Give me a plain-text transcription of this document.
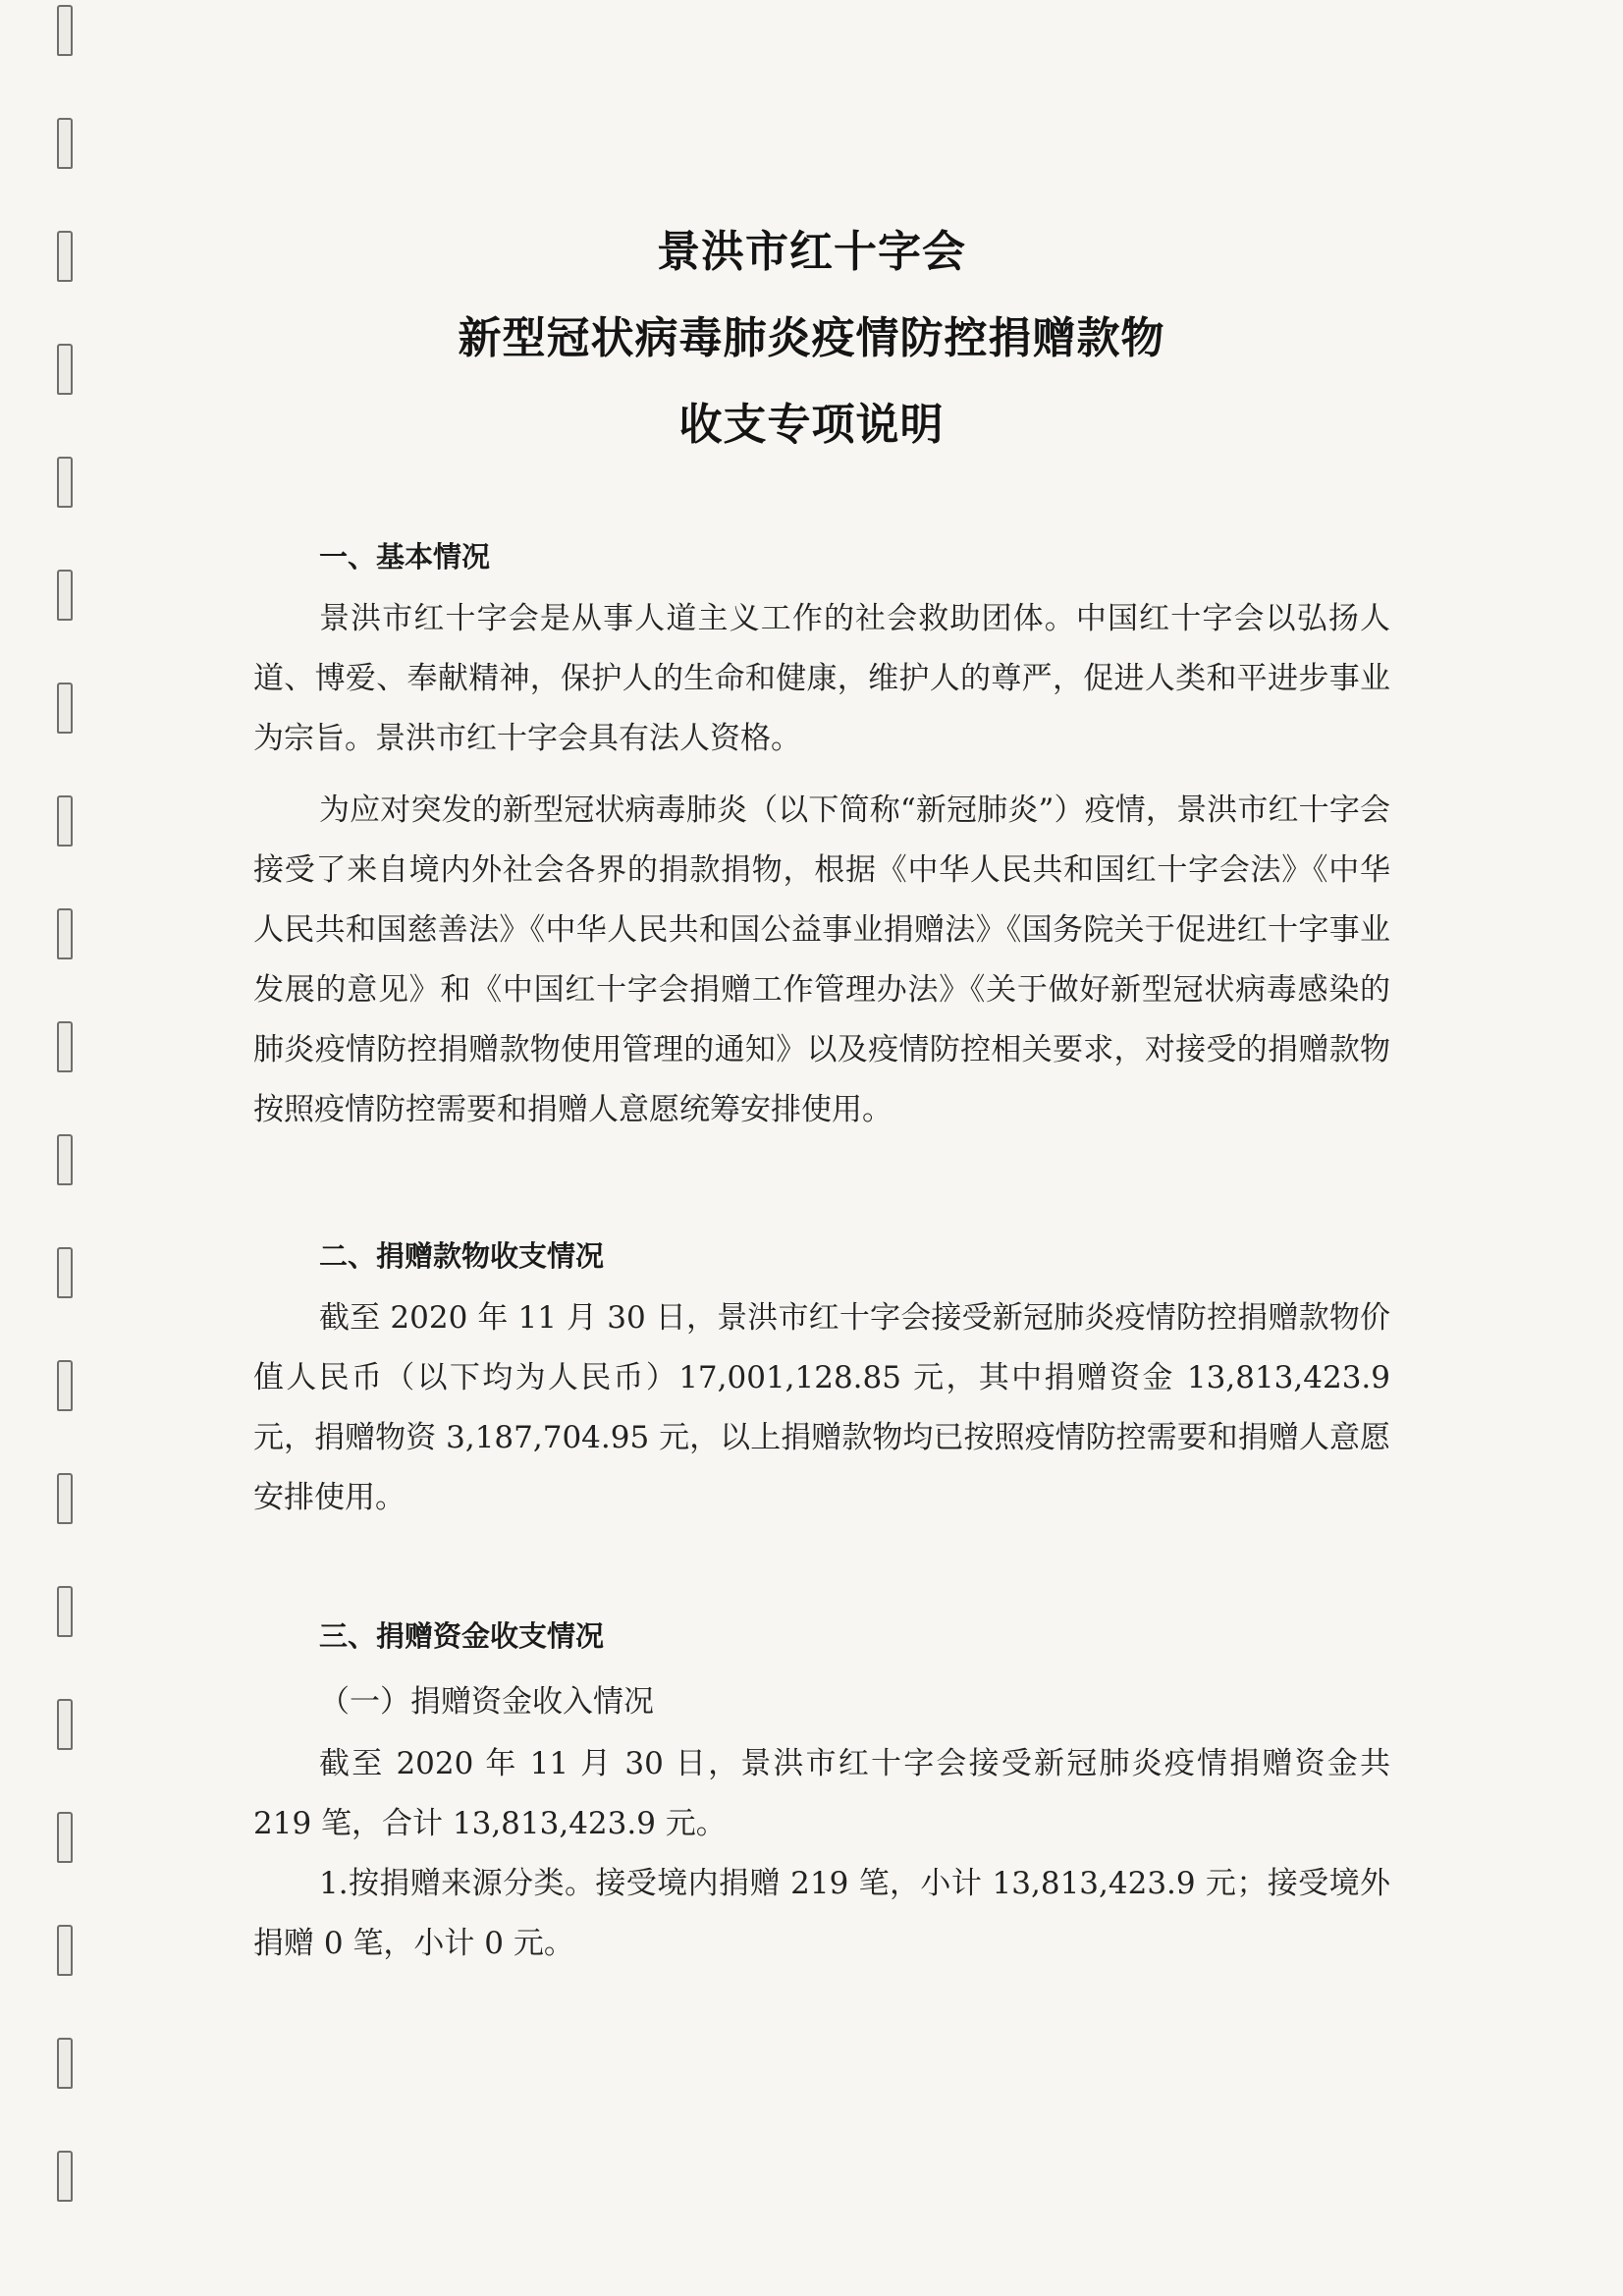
景洪市红十字会
新型冠状病毒肺炎疫情防控捐赠款物
收支专项说明
一、基本情况

景洪市红十字会是从事人道主义工作的社会救助团体。中国红十字会以弘扬人道、博爱、奉献精神，保护人的生命和健康，维护人的尊严，促进人类和平进步事业为宗旨。景洪市红十字会具有法人资格。

为应对突发的新型冠状病毒肺炎（以下简称“新冠肺炎”）疫情，景洪市红十字会接受了来自境内外社会各界的捐款捐物，根据《中华人民共和国红十字会法》《中华人民共和国慈善法》《中华人民共和国公益事业捐赠法》《国务院关于促进红十字事业发展的意见》和《中国红十字会捐赠工作管理办法》《关于做好新型冠状病毒感染的肺炎疫情防控捐赠款物使用管理的通知》以及疫情防控相关要求，对接受的捐赠款物按照疫情防控需要和捐赠人意愿统筹安排使用。

二、捐赠款物收支情况

截至 2020 年 11 月 30 日，景洪市红十字会接受新冠肺炎疫情防控捐赠款物价值人民币（以下均为人民币）17,001,128.85 元，其中捐赠资金 13,813,423.9 元，捐赠物资 3,187,704.95 元，以上捐赠款物均已按照疫情防控需要和捐赠人意愿安排使用。

三、捐赠资金收支情况

（一）捐赠资金收入情况

截至 2020 年 11 月 30 日，景洪市红十字会接受新冠肺炎疫情捐赠资金共 219 笔，合计 13,813,423.9 元。

1.按捐赠来源分类。接受境内捐赠 219 笔，小计 13,813,423.9 元；接受境外捐赠 0 笔，小计 0 元。
